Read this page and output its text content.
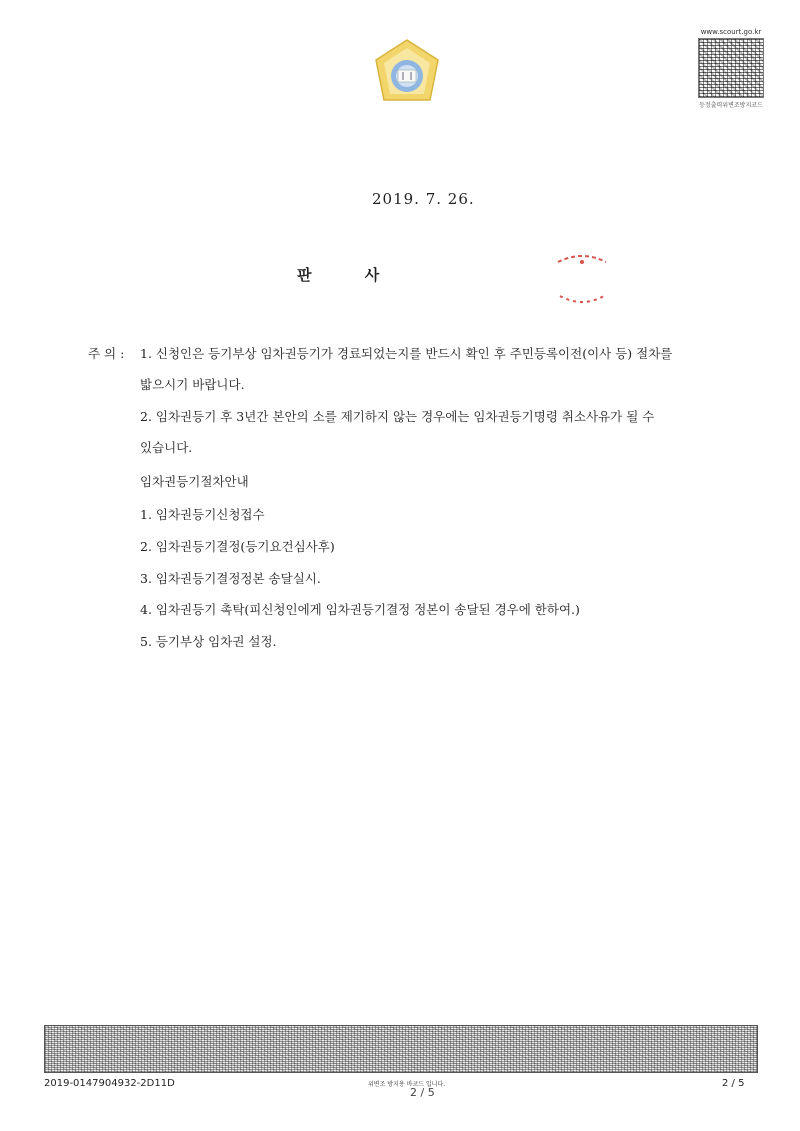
www.scourt.go.kr
등정출력위변조방지코드
2019. 7. 26.
판 사
주 의 : 1. 신청인은 등기부상 임차권등기가 경료되었는지를 반드시 확인 후 주민등록이전(이사 등) 절차를
밟으시기 바랍니다.
2. 임차권등기 후 3년간 본안의 소를 제기하지 않는 경우에는 임차권등기명령 취소사유가 될 수
있습니다.
임차권등기절차안내
1. 임차권등기신청접수
2. 임차권등기결정(등기요건심사후)
3. 임차권등기결정정본 송달실시.
4. 임차권등기 촉탁(피신청인에게 임차권등기결정 정본이 송달된 경우에 한하여.)
5. 등기부상 임차권 설정.
2019-0147904932-2D11D	위변조 방지용 바코드 입니다.
2 / 5
2 / 5
